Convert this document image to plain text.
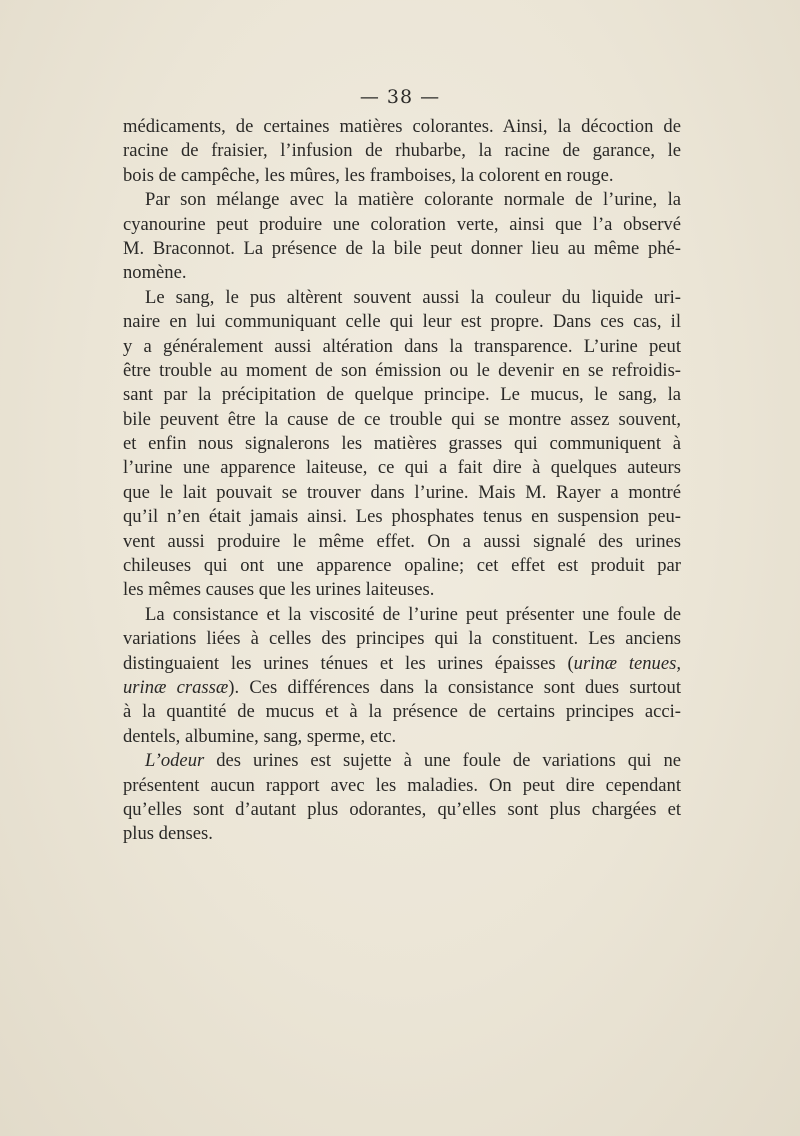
— 38 —
médicaments, de certaines matières colorantes. Ainsi, la décoction de
racine de fraisier, l’infusion de rhubarbe, la racine de garance, le
bois de campêche, les mûres, les framboises, la colorent en rouge.
Par son mélange avec la matière colorante normale de l’urine, la
cyanourine peut produire une coloration verte, ainsi que l’a observé
M. Braconnot. La présence de la bile peut donner lieu au même phé-
nomène.
Le sang, le pus altèrent souvent aussi la couleur du liquide uri-
naire en lui communiquant celle qui leur est propre. Dans ces cas, il
y a généralement aussi altération dans la transparence. L’urine peut
être trouble au moment de son émission ou le devenir en se refroidis-
sant par la précipitation de quelque principe. Le mucus, le sang, la
bile peuvent être la cause de ce trouble qui se montre assez souvent,
et enfin nous signalerons les matières grasses qui communiquent à
l’urine une apparence laiteuse, ce qui a fait dire à quelques auteurs
que le lait pouvait se trouver dans l’urine. Mais M. Rayer a montré
qu’il n’en était jamais ainsi. Les phosphates tenus en suspension peu-
vent aussi produire le même effet. On a aussi signalé des urines
chileuses qui ont une apparence opaline; cet effet est produit par
les mêmes causes que les urines laiteuses.
La consistance et la viscosité de l’urine peut présenter une foule de
variations liées à celles des principes qui la constituent. Les anciens
distinguaient les urines ténues et les urines épaisses (urinæ tenues,
urinæ crassæ). Ces différences dans la consistance sont dues surtout
à la quantité de mucus et à la présence de certains principes acci-
dentels, albumine, sang, sperme, etc.
L’odeur des urines est sujette à une foule de variations qui ne
présentent aucun rapport avec les maladies. On peut dire cependant
qu’elles sont d’autant plus odorantes, qu’elles sont plus chargées et
plus denses.
